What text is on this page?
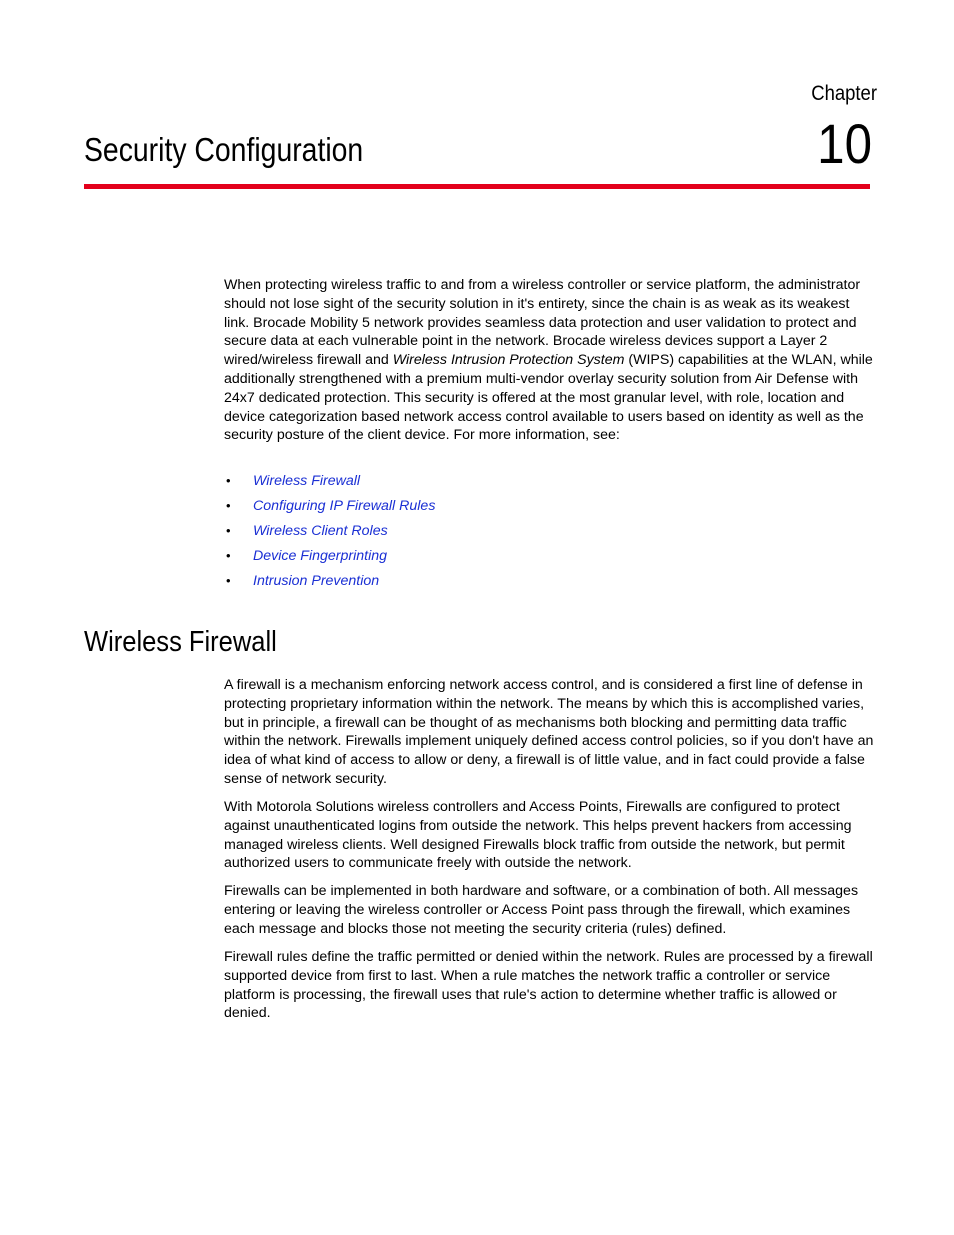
Chapter
10
Security Configuration

When protecting wireless traffic to and from a wireless controller or service platform, the administrator should not lose sight of the security solution in it's entirety, since the chain is as weak as its weakest link. Brocade Mobility 5 network provides seamless data protection and user validation to protect and secure data at each vulnerable point in the network. Brocade wireless devices support a Layer 2 wired/wireless firewall and Wireless Intrusion Protection System (WIPS) capabilities at the WLAN, while additionally strengthened with a premium multi-vendor overlay security solution from Air Defense with 24x7 dedicated protection. This security is offered at the most granular level, with role, location and device categorization based network access control available to users based on identity as well as the security posture of the client device. For more information, see:

• Wireless Firewall
• Configuring IP Firewall Rules
• Wireless Client Roles
• Device Fingerprinting
• Intrusion Prevention
Wireless Firewall

A firewall is a mechanism enforcing network access control, and is considered a first line of defense in protecting proprietary information within the network. The means by which this is accomplished varies, but in principle, a firewall can be thought of as mechanisms both blocking and permitting data traffic within the network. Firewalls implement uniquely defined access control policies, so if you don't have an idea of what kind of access to allow or deny, a firewall is of little value, and in fact could provide a false sense of network security.

With Motorola Solutions wireless controllers and Access Points, Firewalls are configured to protect against unauthenticated logins from outside the network. This helps prevent hackers from accessing managed wireless clients. Well designed Firewalls block traffic from outside the network, but permit authorized users to communicate freely with outside the network.

Firewalls can be implemented in both hardware and software, or a combination of both. All messages entering or leaving the wireless controller or Access Point pass through the firewall, which examines each message and blocks those not meeting the security criteria (rules) defined.

Firewall rules define the traffic permitted or denied within the network. Rules are processed by a firewall supported device from first to last. When a rule matches the network traffic a controller or service platform is processing, the firewall uses that rule's action to determine whether traffic is allowed or denied.
